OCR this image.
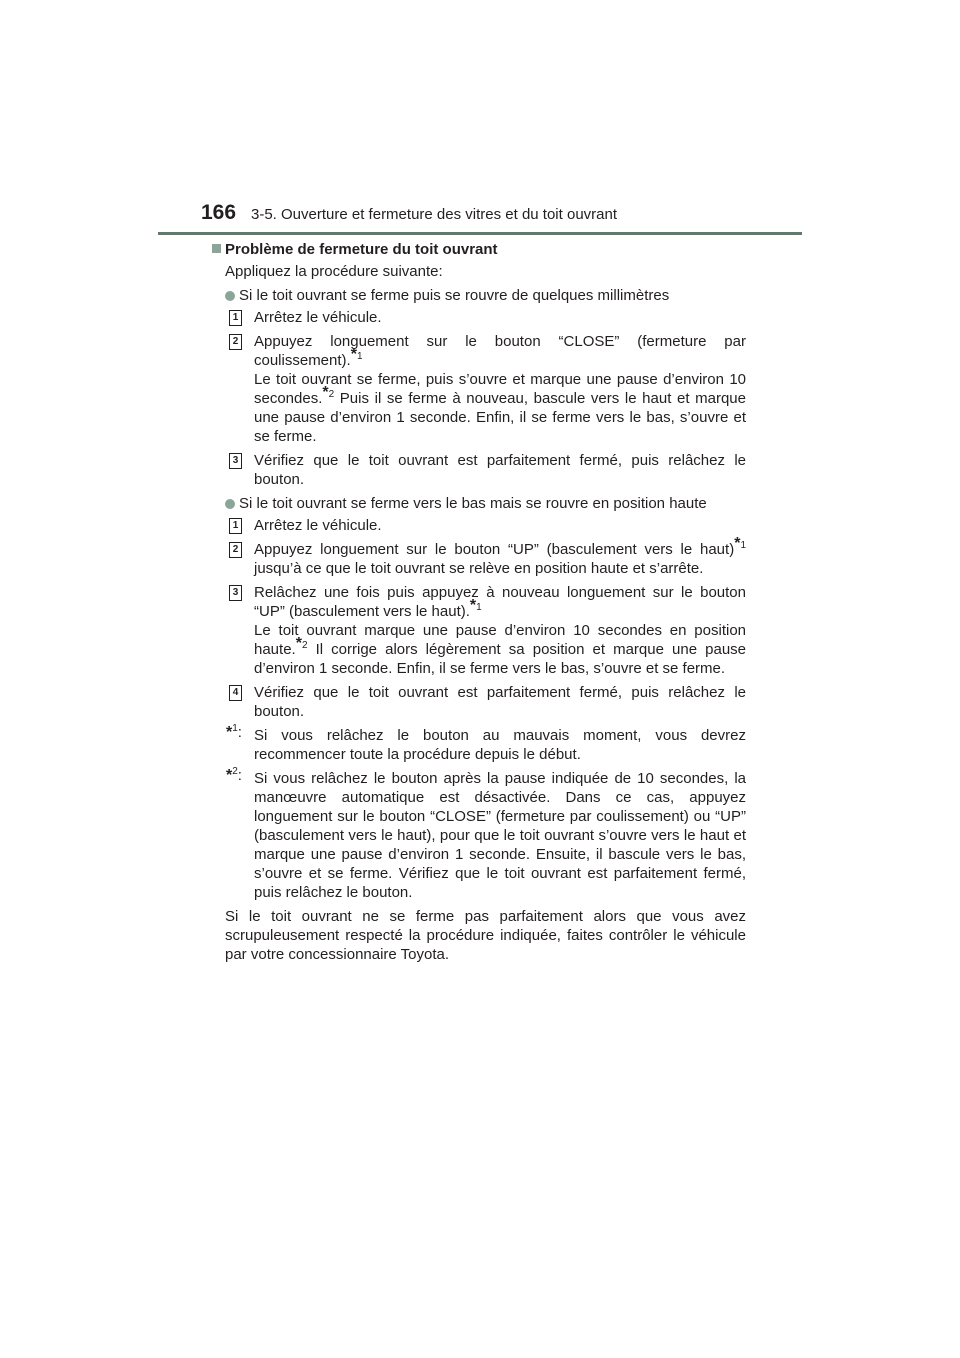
166 3-5. Ouverture et fermeture des vitres et du toit ouvrant
Problème de fermeture du toit ouvrant
Appliquez la procédure suivante:
Si le toit ouvrant se ferme puis se rouvre de quelques millimètres
1 Arrêtez le véhicule.
2 Appuyez longuement sur le bouton “CLOSE” (fermeture par coulissement).$^{*1}$

Le toit ouvrant se ferme, puis s’ouvre et marque une pause d’environ 10 secondes.$^{*2}$ Puis il se ferme à nouveau, bascule vers le haut et marque une pause d’environ 1 seconde. Enfin, il se ferme vers le bas, s’ouvre et se ferme.

3 Vérifiez que le toit ouvrant est parfaitement fermé, puis relâchez le bouton.
Si le toit ouvrant se ferme vers le bas mais se rouvre en position haute
1 Arrêtez le véhicule.
2 Appuyez longuement sur le bouton “UP” (basculement vers le haut)$^{*1}$ jusqu’à ce que le toit ouvrant se relève en position haute et s’arrête.
3 Relâchez une fois puis appuyez à nouveau longuement sur le bouton “UP” (basculement vers le haut).$^{*1}$

Le toit ouvrant marque une pause d’environ 10 secondes en position haute.$^{*2}$ Il corrige alors légèrement sa position et marque une pause d’environ 1 seconde. Enfin, il se ferme vers le bas, s’ouvre et se ferme.

4 Vérifiez que le toit ouvrant est parfaitement fermé, puis relâchez le bouton.
*$^1$: Si vous relâchez le bouton au mauvais moment, vous devrez recommencer toute la procédure depuis le début.
*$^2$: Si vous relâchez le bouton après la pause indiquée de 10 secondes, la manœuvre automatique est désactivée. Dans ce cas, appuyez longuement sur le bouton “CLOSE” (fermeture par coulissement) ou “UP” (basculement vers le haut), pour que le toit ouvrant s’ouvre vers le haut et marque une pause d’environ 1 seconde. Ensuite, il bascule vers le bas, s’ouvre et se ferme. Vérifiez que le toit ouvrant est parfaitement fermé, puis relâchez le bouton.
Si le toit ouvrant ne se ferme pas parfaitement alors que vous avez scrupuleusement respecté la procédure indiquée, faites contrôler le véhicule par votre concessionnaire Toyota.
